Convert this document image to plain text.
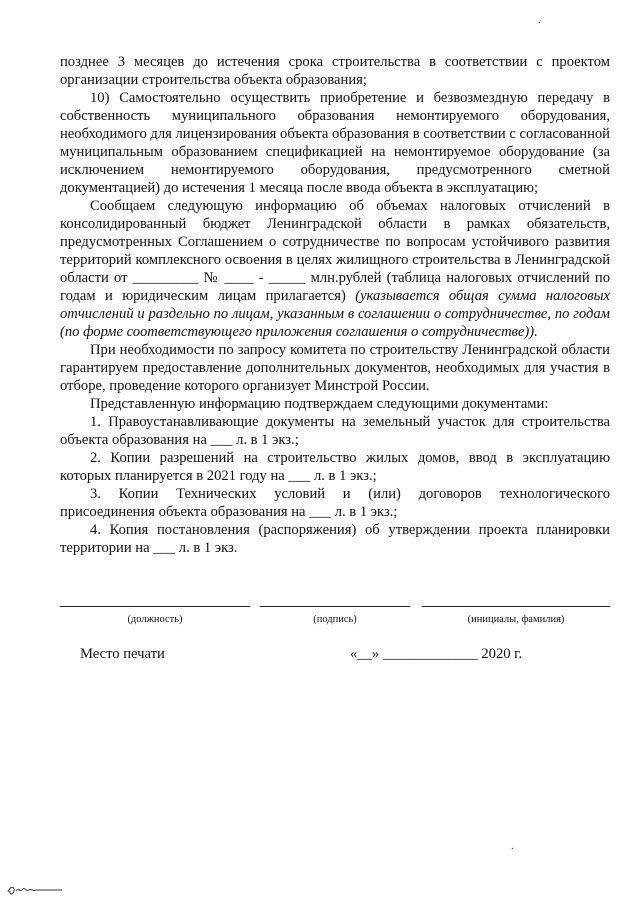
позднее 3 месяцев до истечения срока строительства в соответствии с проектом организации строительства объекта образования;

10) Самостоятельно осуществить приобретение и безвозмездную передачу в собственность муниципального образования немонтируемого оборудования, необходимого для лицензирования объекта образования в соответствии с согласованной муниципальным образованием спецификацией на немонтируемое оборудование (за исключением немонтируемого оборудования, предусмотренного сметной документацией) до истечения 1 месяца после ввода объекта в эксплуатацию;

Сообщаем следующую информацию об объемах налоговых отчислений в консолидированный бюджет Ленинградской области в рамках обязательств, предусмотренных Соглашением о сотрудничестве по вопросам устойчивого развития территорий комплексного освоения в целях жилищного строительства в Ленинградской области от _________ № ____ - _____ млн.рублей (таблица налоговых отчислений по годам и юридическим лицам прилагается) (указывается общая сумма налоговых отчислений и раздельно по лицам, указанным в соглашении о сотрудничестве, по годам (по форме соответствующего приложения соглашения о сотрудничестве)).

При необходимости по запросу комитета по строительству Ленинградской области гарантируем предоставление дополнительных документов, необходимых для участия в отборе, проведение которого организует Минстрой России.

Представленную информацию подтверждаем следующими документами:

1. Правоустанавливающие документы на земельный участок для строительства объекта образования на ___ л. в 1 экз.;

2. Копии разрешений на строительство жилых домов, ввод в эксплуатацию которых планируется в 2021 году на ___ л. в 1 экз.;

3. Копии Технических условий и (или) договоров технологического присоединения объекта образования на ___ л. в 1 экз.;

4. Копия постановления (распоряжения) об утверждении проекта планировки территории на ___ л. в 1 экз.

(должность)	(подпись)	(инициалы, фамилия)
Место печати	«__» _____________ 2020 г.
